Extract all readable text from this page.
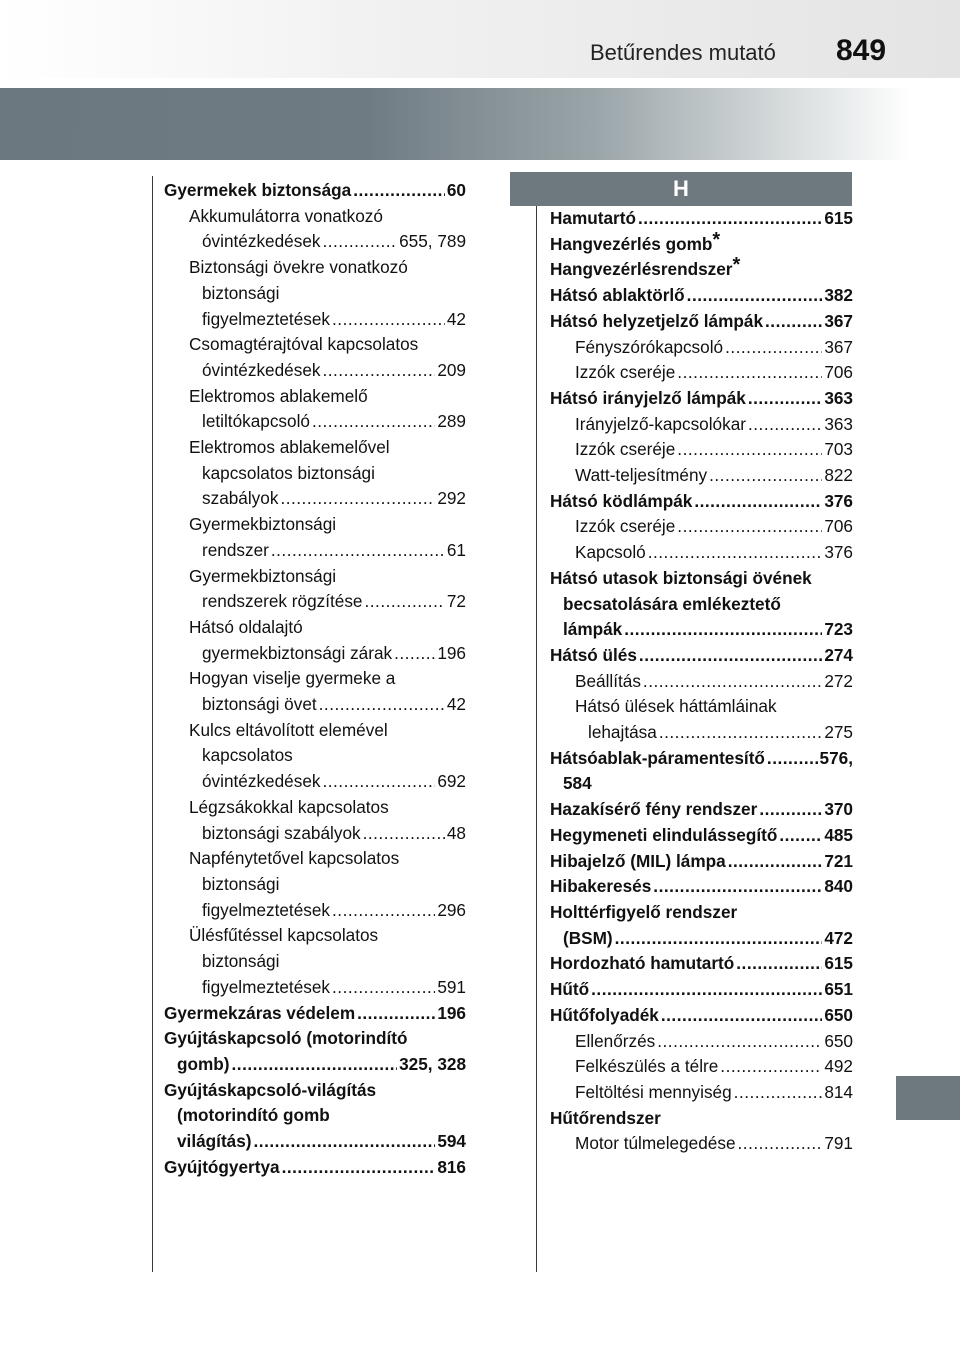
Betűrendes mutató 849
H
Gyermekek biztonsága .....	60
Akkumulátorra vonatkozó
óvintézkedések .....	655, 789
Biztonsági övekre vonatkozó
biztonsági
figyelmeztetések .....	42
Csomagtérajtóval kapcsolatos
óvintézkedések .....	209
Elektromos ablakemelő
letiltókapcsoló .....	289
Elektromos ablakemelővel
kapcsolatos biztonsági
szabályok .....	292
Gyermekbiztonsági
rendszer .....	61
Gyermekbiztonsági
rendszerek rögzítése .....	72
Hátsó oldalajtó
gyermekbiztonsági zárak .....	196
Hogyan viselje gyermeke a
biztonsági övet .....	42
Kulcs eltávolított elemével
kapcsolatos
óvintézkedések .....	692
Légzsákokkal kapcsolatos
biztonsági szabályok .....	48
Napfénytetővel kapcsolatos
biztonsági
figyelmeztetések .....	296
Ülésfűtéssel kapcsolatos
biztonsági
figyelmeztetések .....	591
Gyermekzáras védelem .....	196
Gyújtáskapcsoló (motorindító
gomb) .....	325, 328
Gyújtáskapcsoló-világítás
(motorindító gomb
világítás) .....	594
Gyújtógyertya .....	816
Hamutartó .....	615
Hangvezérlés gomb*
Hangvezérlésrendszer*
Hátsó ablaktörlő .....	382
Hátsó helyzetjelző lámpák .....	367
Fényszórókapcsoló .....	367
Izzók cseréje .....	706
Hátsó irányjelző lámpák .....	363
Irányjelző-kapcsolókar .....	363
Izzók cseréje .....	703
Watt-teljesítmény .....	822
Hátsó ködlámpák .....	376
Izzók cseréje .....	706
Kapcsoló .....	376
Hátsó utasok biztonsági övének
becsatolására emlékeztető
lámpák .....	723
Hátsó ülés .....	274
Beállítás .....	272
Hátsó ülések háttámláinak
lehajtása .....	275
Hátsóablak-páramentesítő .....	576,
584
Hazakísérő fény rendszer .....	370
Hegymeneti elindulássegítő .....	485
Hibajelző (MIL) lámpa .....	721
Hibakeresés .....	840
Holttérfigyelő rendszer
(BSM) .....	472
Hordozható hamutartó .....	615
Hűtő .....	651
Hűtőfolyadék .....	650
Ellenőrzés .....	650
Felkészülés a télre .....	492
Feltöltési mennyiség .....	814
Hűtőrendszer
Motor túlmelegedése .....	791
